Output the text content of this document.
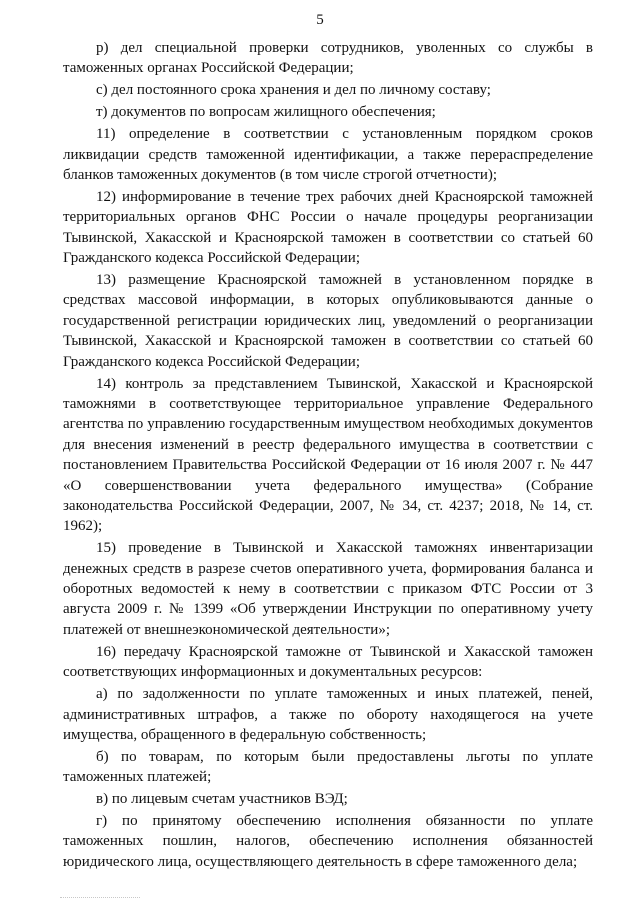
5

р) дел специальной проверки сотрудников, уволенных со службы в таможенных органах Российской Федерации;

с) дел постоянного срока хранения и дел по личному составу;

т) документов по вопросам жилищного обеспечения;

11) определение в соответствии с установленным порядком сроков ликвидации средств таможенной идентификации, а также перераспределение бланков таможенных документов (в том числе строгой отчетности);

12) информирование в течение трех рабочих дней Красноярской таможней территориальных органов ФНС России о начале процедуры реорганизации Тывинской, Хакасской и Красноярской таможен в соответствии со статьей 60 Гражданского кодекса Российской Федерации;

13) размещение Красноярской таможней в установленном порядке в средствах массовой информации, в которых опубликовываются данные о государственной регистрации юридических лиц, уведомлений о реорганизации Тывинской, Хакасской и Красноярской таможен в соответствии со статьей 60 Гражданского кодекса Российской Федерации;

14) контроль за представлением Тывинской, Хакасской и Красноярской таможнями в соответствующее территориальное управление Федерального агентства по управлению государственным имуществом необходимых документов для внесения изменений в реестр федерального имущества в соответствии с постановлением Правительства Российской Федерации от 16 июля 2007 г. № 447 «О совершенствовании учета федерального имущества» (Собрание законодательства Российской Федерации, 2007, № 34, ст. 4237; 2018, № 14, ст. 1962);

15) проведение в Тывинской и Хакасской таможнях инвентаризации денежных средств в разрезе счетов оперативного учета, формирования баланса и оборотных ведомостей к нему в соответствии с приказом ФТС России от 3 августа 2009 г. № 1399 «Об утверждении Инструкции по оперативному учету платежей от внешнеэкономической деятельности»;

16) передачу Красноярской таможне от Тывинской и Хакасской таможен соответствующих информационных и документальных ресурсов:

а) по задолженности по уплате таможенных и иных платежей, пеней, административных штрафов, а также по обороту находящегося на учете имущества, обращенного в федеральную собственность;

б) по товарам, по которым были предоставлены льготы по уплате таможенных платежей;

в) по лицевым счетам участников ВЭД;

г) по принятому обеспечению исполнения обязанности по уплате таможенных пошлин, налогов, обеспечению исполнения обязанностей юридического лица, осуществляющего деятельность в сфере таможенного дела;
